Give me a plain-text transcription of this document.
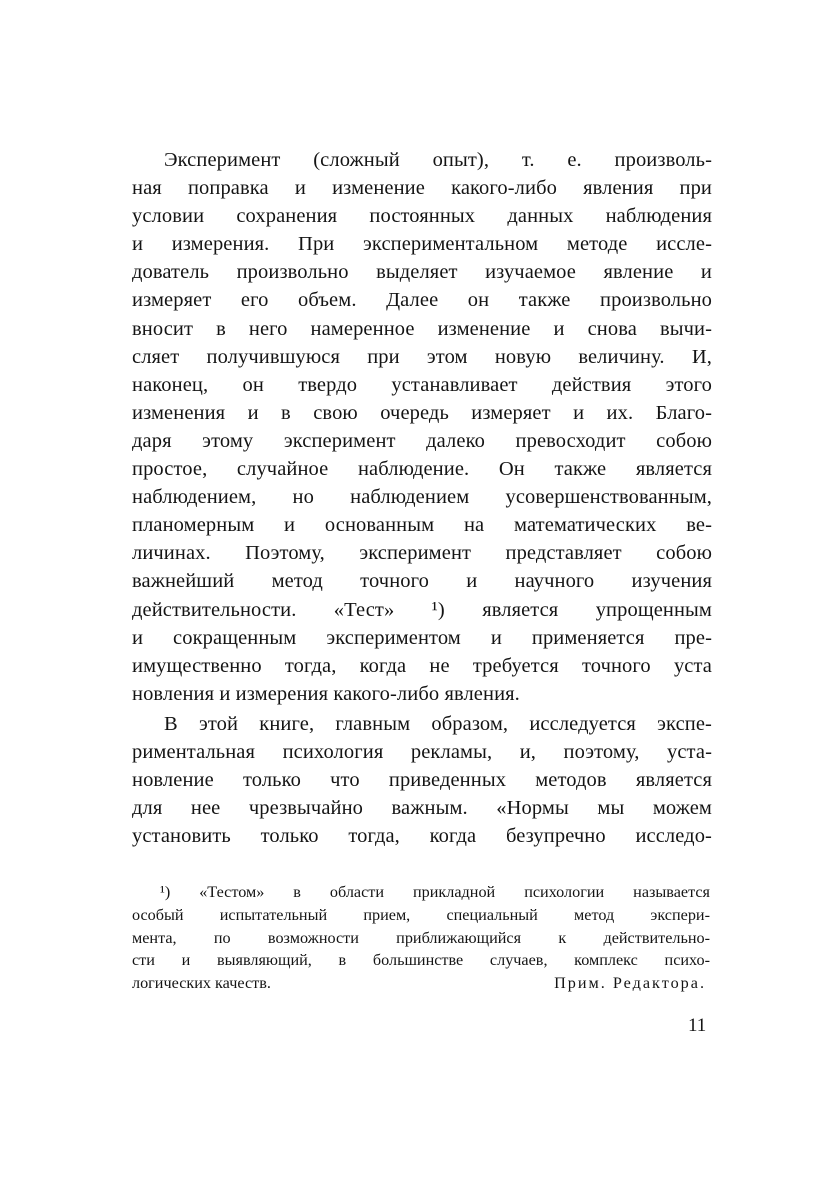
Эксперимент (сложный опыт), т. е. произволь-
ная поправка и изменение какого-либо явления при
условии сохранения постоянных данных наблюдения
и измерения. При экспериментальном методе иссле-
дователь произвольно выделяет изучаемое явление и
измеряет его объем. Далее он также произвольно
вносит в него намеренное изменение и снова вычи-
сляет получившуюся при этом новую величину. И,
наконец, он твердо устанавливает действия этого
изменения и в свою очередь измеряет и их. Благо-
даря этому эксперимент далеко превосходит собою
простое, случайное наблюдение. Он также является
наблюдением, но наблюдением усовершенствованным,
планомерным и основанным на математических ве-
личинах. Поэтому, эксперимент представляет собою
важнейший метод точного и научного изучения
действительности. «Тест» ¹) является упрощенным
и сокращенным экспериментом и применяется пре-
имущественно тогда, когда не требуется точного уста
новления и измерения какого-либо явления.
В этой книге, главным образом, исследуется экспе-
риментальная психология рекламы, и, поэтому, уста-
новление только что приведенных методов является
для нее чрезвычайно важным. «Нормы мы можем
установить только тогда, когда безупречно исследо-
¹) «Тестом» в области прикладной психологии называется
особый испытательный прием, специальный метод экспери-
мента, по возможности приближающийся к действительно-
сти и выявляющий, в большинстве случаев, комплекс психо-
логических качеств.	Прим. Редактора.
11
